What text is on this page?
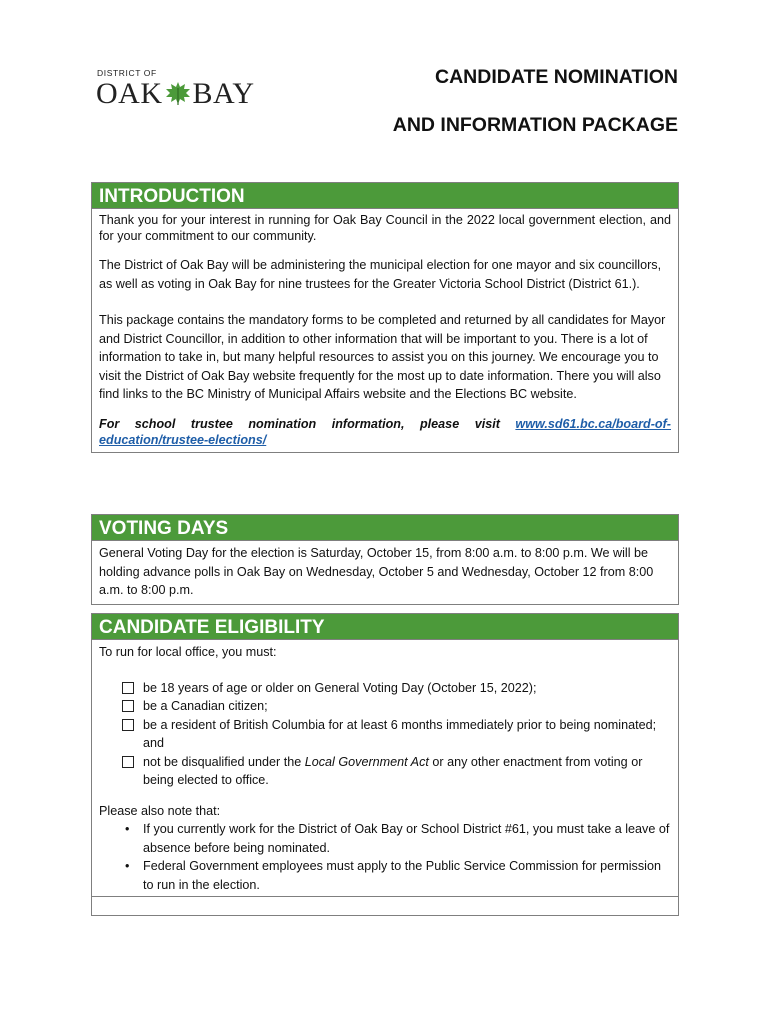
DISTRICT OF
OAK BAY	CANDIDATE NOMINATION
AND INFORMATION PACKAGE
INTRODUCTION

Thank you for your interest in running for Oak Bay Council in the 2022 local government election, and for your commitment to our community.

The District of Oak Bay will be administering the municipal election for one mayor and six councillors, as well as voting in Oak Bay for nine trustees for the Greater Victoria School District (District 61.).

This package contains the mandatory forms to be completed and returned by all candidates for Mayor and District Councillor, in addition to other information that will be important to you. There is a lot of information to take in, but many helpful resources to assist you on this journey. We encourage you to visit the District of Oak Bay website frequently for the most up to date information. There you will also find links to the BC Ministry of Municipal Affairs website and the Elections BC website.

For school trustee nomination information, please visit www.sd61.bc.ca/board-of-education/trustee-elections/

VOTING DAYS

General Voting Day for the election is Saturday, October 15, from 8:00 a.m. to 8:00 p.m. We will be holding advance polls in Oak Bay on Wednesday, October 5 and Wednesday, October 12 from 8:00 a.m. to 8:00 p.m.

CANDIDATE ELIGIBILITY

To run for local office, you must:

be 18 years of age or older on General Voting Day (October 15, 2022);
be a Canadian citizen;
be a resident of British Columbia for at least 6 months immediately prior to being nominated; and
not be disqualified under the Local Government Act or any other enactment from voting or being elected to office.

Please also note that:

• If you currently work for the District of Oak Bay or School District #61, you must take a leave of absence before being nominated.
• Federal Government employees must apply to the Public Service Commission for permission to run in the election.
